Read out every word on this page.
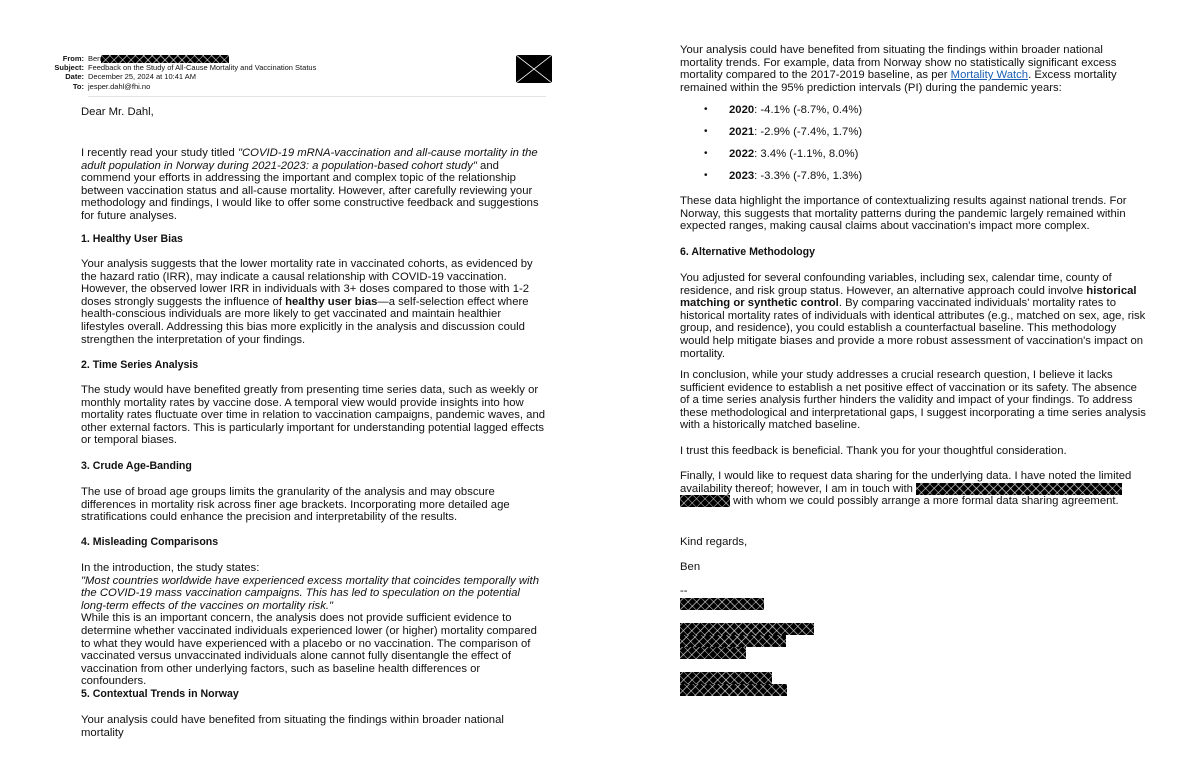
From: Ben
Subject: Feedback on the Study of All-Cause Mortality and Vaccination Status
Date: December 25, 2024 at 10:41 AM
To: jesper.dahl@fhi.no

Dear Mr. Dahl,

I recently read your study titled "COVID-19 mRNA-vaccination and all-cause mortality in the adult population in Norway during 2021-2023: a population-based cohort study" and commend your efforts in addressing the important and complex topic of the relationship between vaccination status and all-cause mortality. However, after carefully reviewing your methodology and findings, I would like to offer some constructive feedback and suggestions for future analyses.

1. Healthy User Bias

Your analysis suggests that the lower mortality rate in vaccinated cohorts, as evidenced by the hazard ratio (IRR), may indicate a causal relationship with COVID-19 vaccination. However, the observed lower IRR in individuals with 3+ doses compared to those with 1-2 doses strongly suggests the influence of healthy user bias—a self-selection effect where health-conscious individuals are more likely to get vaccinated and maintain healthier lifestyles overall. Addressing this bias more explicitly in the analysis and discussion could strengthen the interpretation of your findings.

2. Time Series Analysis

The study would have benefited greatly from presenting time series data, such as weekly or monthly mortality rates by vaccine dose. A temporal view would provide insights into how mortality rates fluctuate over time in relation to vaccination campaigns, pandemic waves, and other external factors. This is particularly important for understanding potential lagged effects or temporal biases.

3. Crude Age-Banding

The use of broad age groups limits the granularity of the analysis and may obscure differences in mortality risk across finer age brackets. Incorporating more detailed age stratifications could enhance the precision and interpretability of the results.

4. Misleading Comparisons

In the introduction, the study states:

"Most countries worldwide have experienced excess mortality that coincides temporally with the COVID-19 mass vaccination campaigns. This has led to speculation on the potential long-term effects of the vaccines on mortality risk."

While this is an important concern, the analysis does not provide sufficient evidence to determine whether vaccinated individuals experienced lower (or higher) mortality compared to what they would have experienced with a placebo or no vaccination. The comparison of vaccinated versus unvaccinated individuals alone cannot fully disentangle the effect of vaccination from other underlying factors, such as baseline health differences or confounders.

5. Contextual Trends in Norway

Your analysis could have benefited from situating the findings within broader national mortality

Your analysis could have benefited from situating the findings within broader national mortality trends. For example, data from Norway show no statistically significant excess mortality compared to the 2017-2019 baseline, as per Mortality Watch. Excess mortality remained within the 95% prediction intervals (PI) during the pandemic years:

• 2020: -4.1% (-8.7%, 0.4%)
• 2021: -2.9% (-7.4%, 1.7%)
• 2022: 3.4% (-1.1%, 8.0%)
• 2023: -3.3% (-7.8%, 1.3%)

These data highlight the importance of contextualizing results against national trends. For Norway, this suggests that mortality patterns during the pandemic largely remained within expected ranges, making causal claims about vaccination's impact more complex.

6. Alternative Methodology

You adjusted for several confounding variables, including sex, calendar time, county of residence, and risk group status. However, an alternative approach could involve historical matching or synthetic control. By comparing vaccinated individuals' mortality rates to historical mortality rates of individuals with identical attributes (e.g., matched on sex, age, risk group, and residence), you could establish a counterfactual baseline. This methodology would help mitigate biases and provide a more robust assessment of vaccination's impact on mortality.

In conclusion, while your study addresses a crucial research question, I believe it lacks sufficient evidence to establish a net positive effect of vaccination or its safety. The absence of a time series analysis further hinders the validity and impact of your findings. To address these methodological and interpretational gaps, I suggest incorporating a time series analysis with a historically matched baseline.

I trust this feedback is beneficial. Thank you for your thoughtful consideration.

Finally, I would like to request data sharing for the underlying data. I have noted the limited availability thereof; however, I am in touch with
with whom we could possibly arrange a more formal data sharing agreement.

Kind regards,

Ben

--
